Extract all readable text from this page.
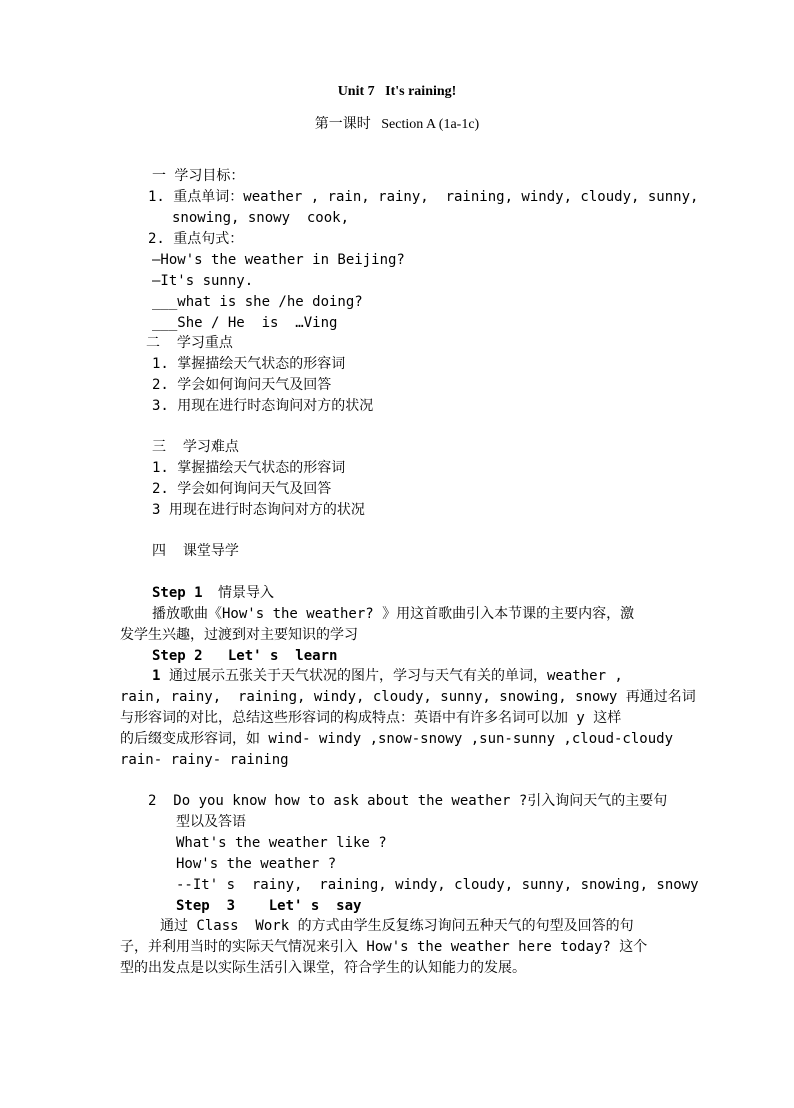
Unit 7   It's raining!
第一课时   Section A (1a-1c)
一 学习目标：
1. 重点单词：weather , rain, rainy,  raining, windy, cloudy, sunny,
snowing, snowy  cook,
2. 重点句式：
—How's the weather in Beijing?
—It's sunny.
___what is she /he doing?
___She / He  is  …Ving
二  学习重点
1. 掌握描绘天气状态的形容词
2. 学会如何询问天气及回答
3. 用现在进行时态询问对方的状况
三  学习难点
1. 掌握描绘天气状态的形容词
2. 学会如何询问天气及回答
3 用现在进行时态询问对方的状况
四  课堂导学
Step 1 情景导入
播放歌曲《How's the weather? 》用这首歌曲引入本节课的主要内容，激
发学生兴趣，过渡到对主要知识的学习
Step 2   Let' s  learn
1 通过展示五张关于天气状况的图片，学习与天气有关的单词，weather ,
rain, rainy,  raining, windy, cloudy, sunny, snowing, snowy 再通过名词
与形容词的对比，总结这些形容词的构成特点：英语中有许多名词可以加 y 这样
的后缀变成形容词，如 wind- windy ,snow-snowy ,sun-sunny ,cloud-cloudy
rain- rainy- raining
2  Do you know how to ask about the weather ?引入询问天气的主要句
型以及答语
What's the weather like ?
How's the weather ?
--It' s  rainy,  raining, windy, cloudy, sunny, snowing, snowy
Step  3    Let' s  say
通过 Class  Work 的方式由学生反复练习询问五种天气的句型及回答的句
子，并利用当时的实际天气情况来引入 How's the weather here today? 这个
型的出发点是以实际生活引入课堂，符合学生的认知能力的发展。
